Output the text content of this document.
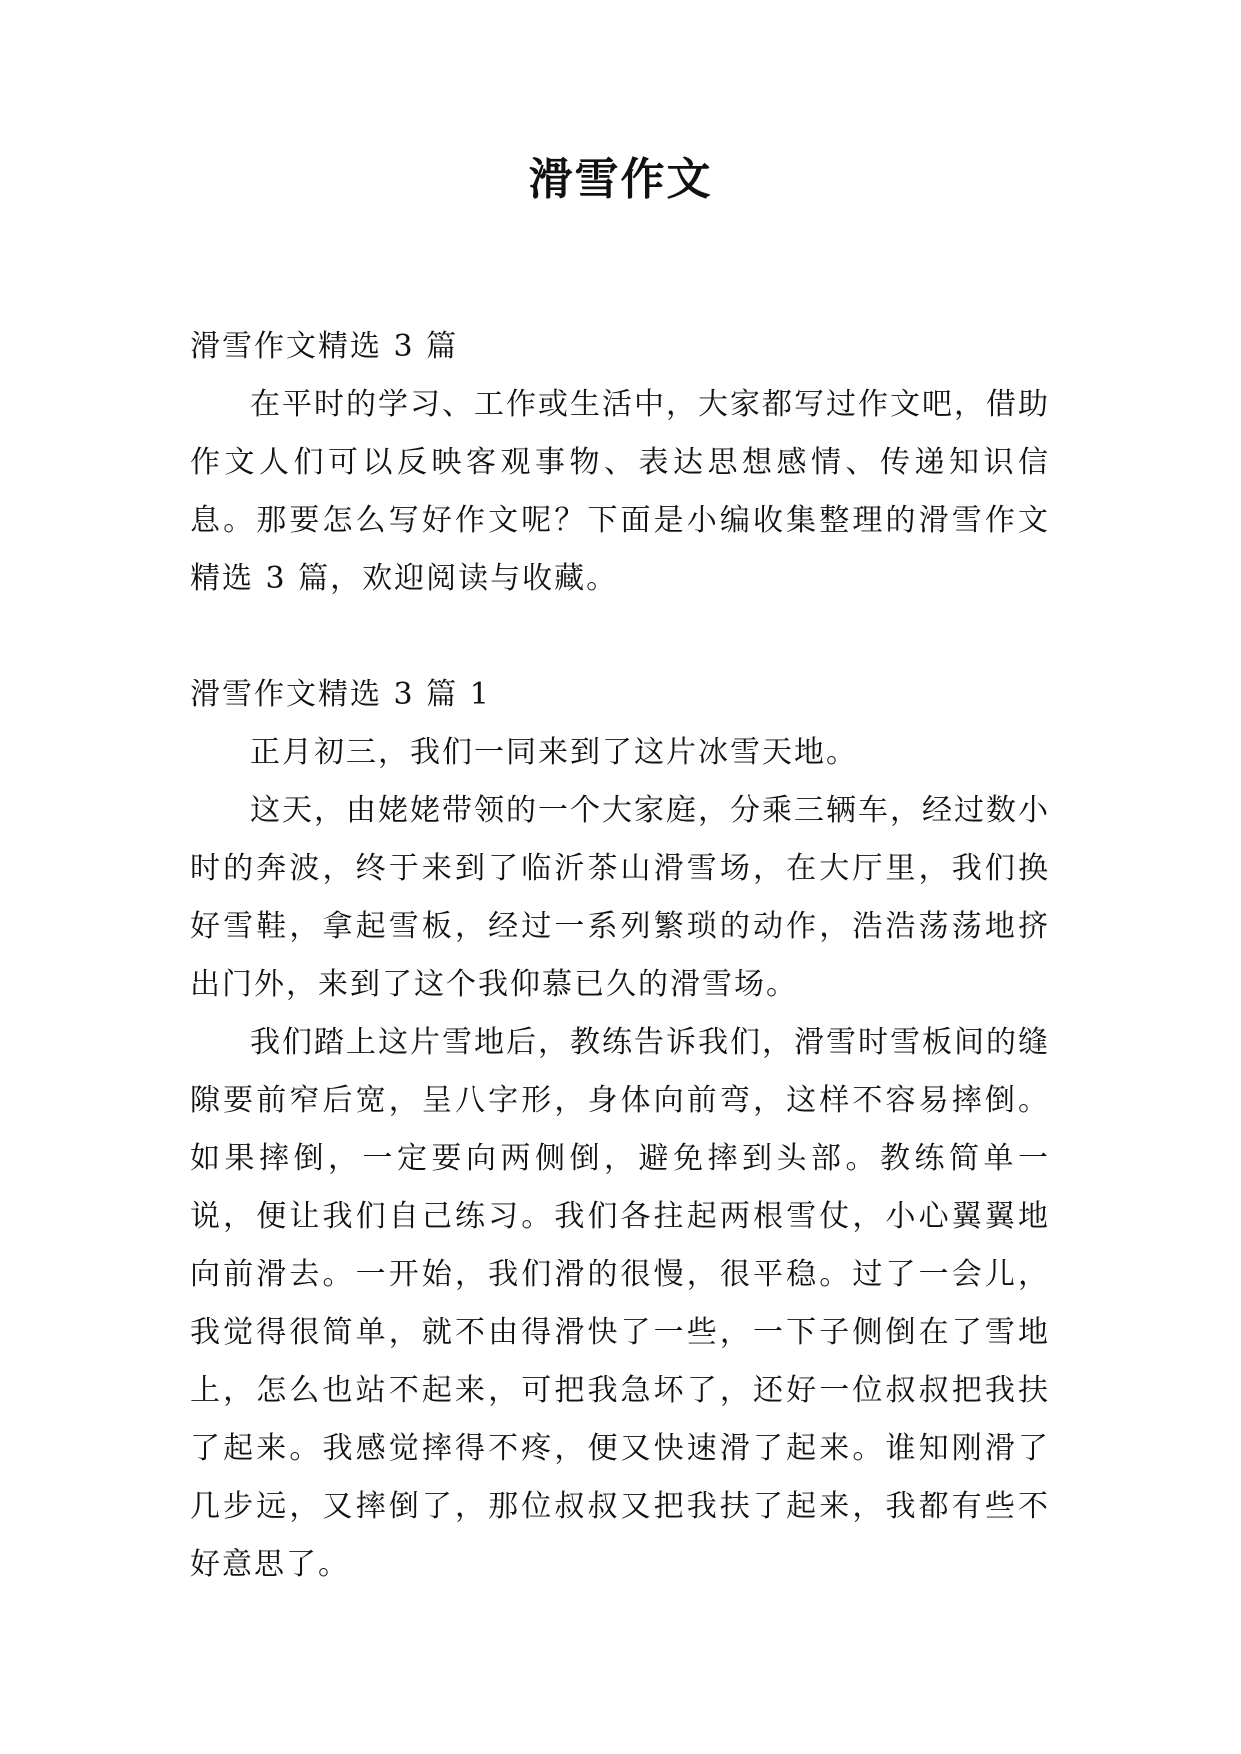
滑雪作文

滑雪作文精选 3 篇

在平时的学习、工作或生活中，大家都写过作文吧，借助作文人们可以反映客观事物、表达思想感情、传递知识信息。那要怎么写好作文呢？下面是小编收集整理的滑雪作文精选 3 篇，欢迎阅读与收藏。

滑雪作文精选 3 篇 1

正月初三，我们一同来到了这片冰雪天地。

这天，由姥姥带领的一个大家庭，分乘三辆车，经过数小时的奔波，终于来到了临沂茶山滑雪场，在大厅里，我们换好雪鞋，拿起雪板，经过一系列繁琐的动作，浩浩荡荡地挤出门外，来到了这个我仰慕已久的滑雪场。

我们踏上这片雪地后，教练告诉我们，滑雪时雪板间的缝隙要前窄后宽，呈八字形，身体向前弯，这样不容易摔倒。如果摔倒，一定要向两侧倒，避免摔到头部。教练简单一说，便让我们自己练习。我们各拄起两根雪仗，小心翼翼地向前滑去。一开始，我们滑的很慢，很平稳。过了一会儿，我觉得很简单，就不由得滑快了一些，一下子侧倒在了雪地上，怎么也站不起来，可把我急坏了，还好一位叔叔把我扶了起来。我感觉摔得不疼，便又快速滑了起来。谁知刚滑了几步远，又摔倒了，那位叔叔又把我扶了起来，我都有些不好意思了。
